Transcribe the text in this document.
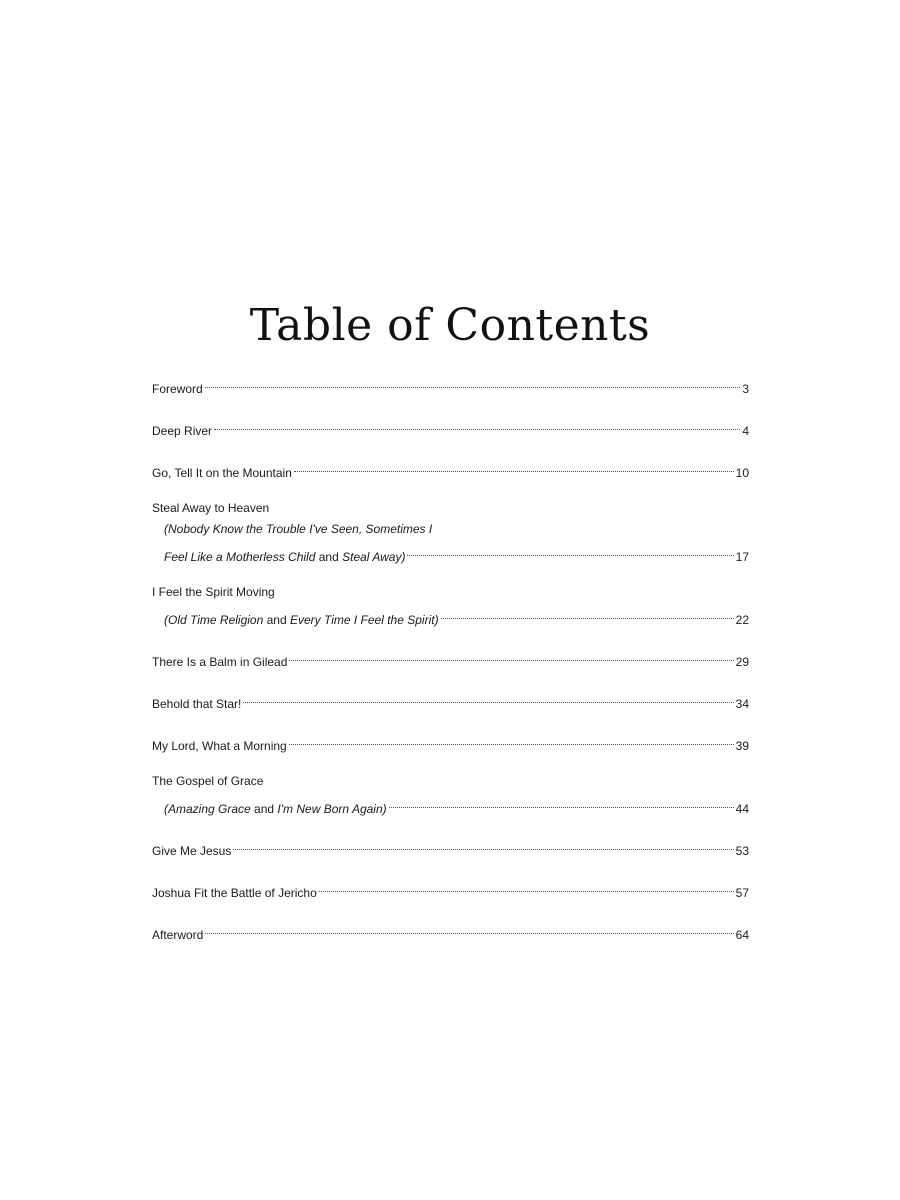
Table of Contents
Foreword	3
Deep River	4
Go, Tell It on the Mountain	10
Steal Away to Heaven
(Nobody Know the Trouble I've Seen, Sometimes I
Feel Like a Motherless Child and Steal Away)	17
I Feel the Spirit Moving
(Old Time Religion and Every Time I Feel the Spirit)	22
There Is a Balm in Gilead	29
Behold that Star!	34
My Lord, What a Morning	39
The Gospel of Grace
(Amazing Grace and I'm New Born Again)	44
Give Me Jesus	53
Joshua Fit the Battle of Jericho	57
Afterword	64
